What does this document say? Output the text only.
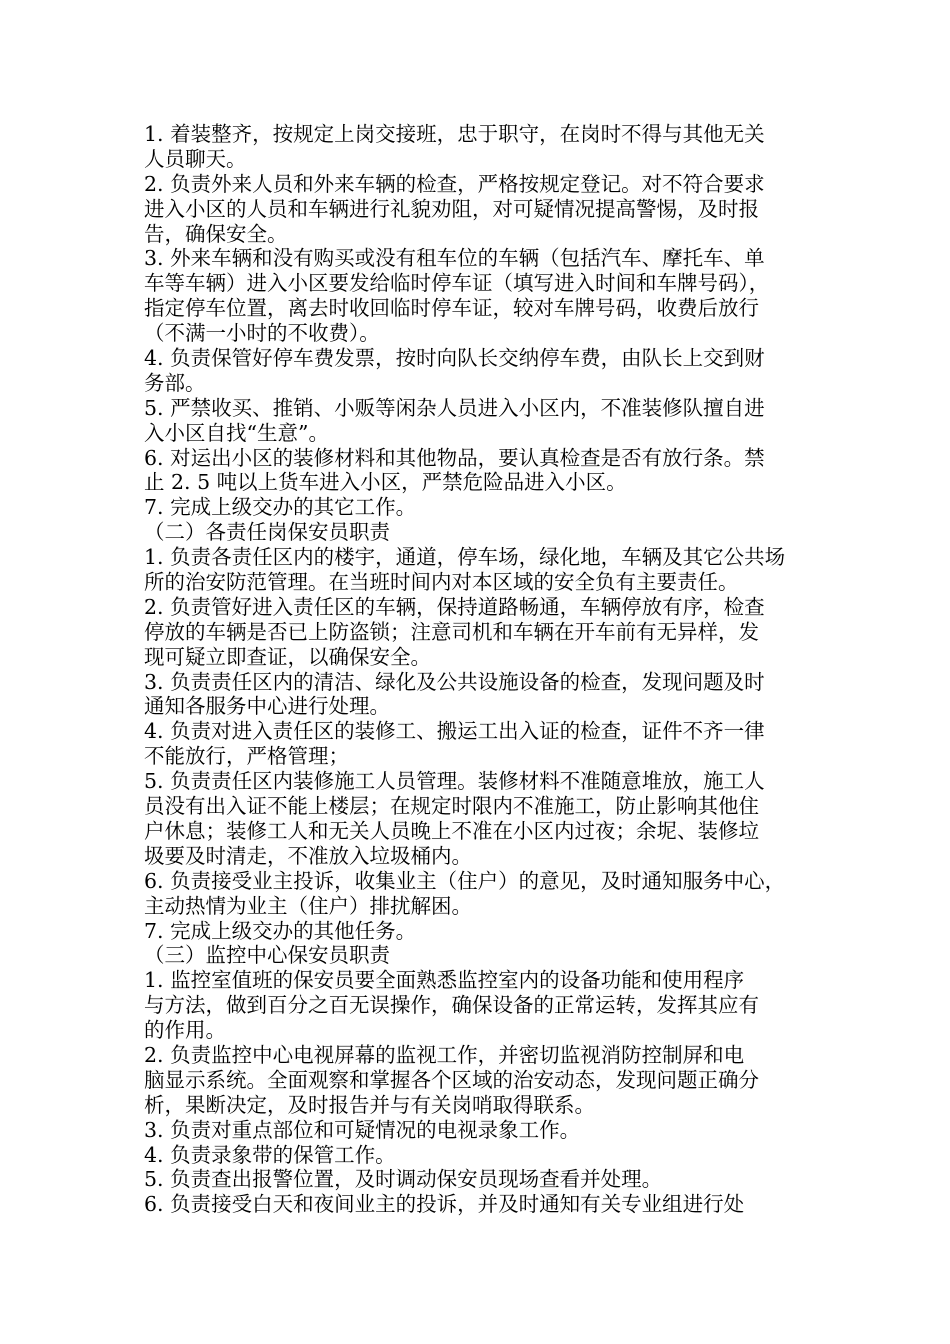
1. 着装整齐，按规定上岗交接班，忠于职守，在岗时不得与其他无关
人员聊天。
2. 负责外来人员和外来车辆的检查，严格按规定登记。对不符合要求
进入小区的人员和车辆进行礼貌劝阻，对可疑情况提高警惕，及时报
告，确保安全。
3. 外来车辆和没有购买或没有租车位的车辆（包括汽车、摩托车、单
车等车辆）进入小区要发给临时停车证（填写进入时间和车牌号码），
指定停车位置，离去时收回临时停车证，较对车牌号码，收费后放行
（不满一小时的不收费）。
4. 负责保管好停车费发票，按时向队长交纳停车费，由队长上交到财
务部。
5. 严禁收买、推销、小贩等闲杂人员进入小区内，不准装修队擅自进
入小区自找“生意”。
6. 对运出小区的装修材料和其他物品，要认真检查是否有放行条。禁
止 2. 5 吨以上货车进入小区，严禁危险品进入小区。
7. 完成上级交办的其它工作。
（二）各责任岗保安员职责
1. 负责各责任区内的楼宇，通道，停车场，绿化地，车辆及其它公共场
所的治安防范管理。在当班时间内对本区域的安全负有主要责任。
2. 负责管好进入责任区的车辆，保持道路畅通，车辆停放有序，检查
停放的车辆是否已上防盗锁；注意司机和车辆在开车前有无异样，发
现可疑立即查证，以确保安全。
3. 负责责任区内的清洁、绿化及公共设施设备的检查，发现问题及时
通知各服务中心进行处理。
4. 负责对进入责任区的装修工、搬运工出入证的检查，证件不齐一律
不能放行，严格管理；
5. 负责责任区内装修施工人员管理。装修材料不准随意堆放，施工人
员没有出入证不能上楼层；在规定时限内不准施工，防止影响其他住
户休息；装修工人和无关人员晚上不准在小区内过夜；余坭、装修垃
圾要及时清走，不准放入垃圾桶内。
6. 负责接受业主投诉，收集业主（住户）的意见，及时通知服务中心，
主动热情为业主（住户）排扰解困。
7. 完成上级交办的其他任务。
（三）监控中心保安员职责
1. 监控室值班的保安员要全面熟悉监控室内的设备功能和使用程序
与方法，做到百分之百无误操作，确保设备的正常运转，发挥其应有
的作用。
2. 负责监控中心电视屏幕的监视工作，并密切监视消防控制屏和电
脑显示系统。全面观察和掌握各个区域的治安动态，发现问题正确分
析，果断决定，及时报告并与有关岗哨取得联系。
3. 负责对重点部位和可疑情况的电视录象工作。
4. 负责录象带的保管工作。
5. 负责查出报警位置，及时调动保安员现场查看并处理。
6. 负责接受白天和夜间业主的投诉，并及时通知有关专业组进行处
